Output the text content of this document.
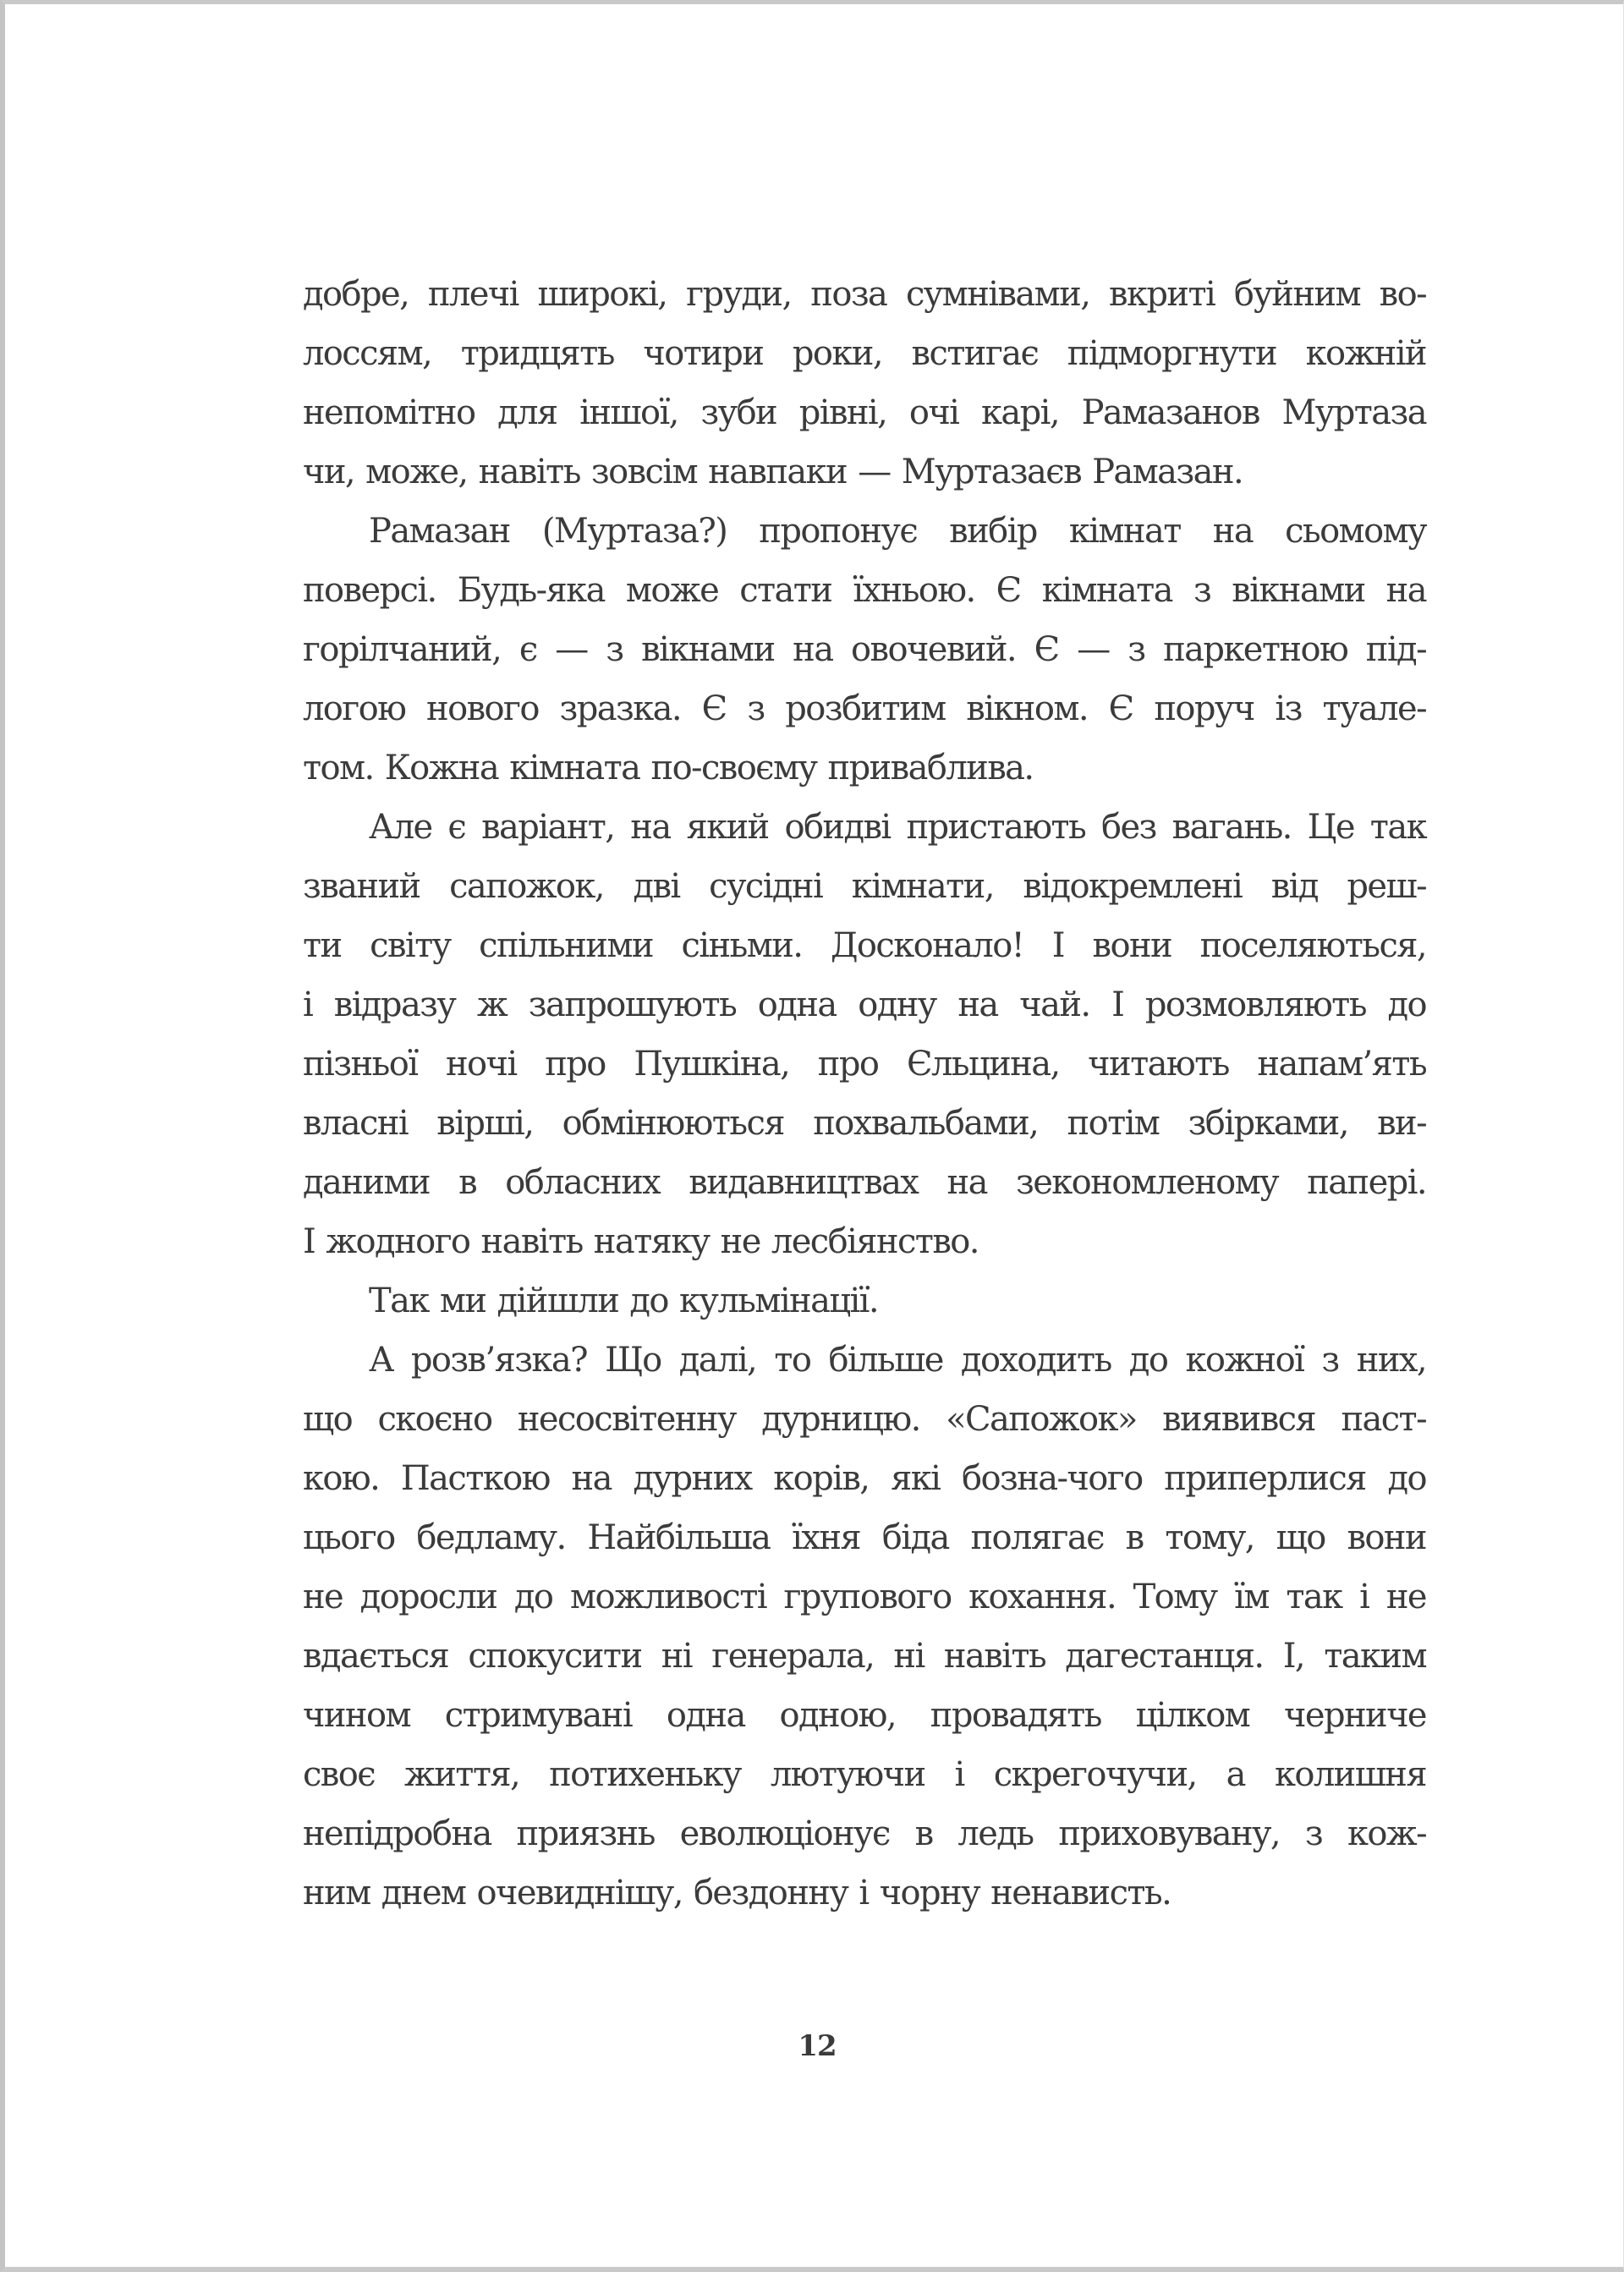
добре, плечі широкі, груди, поза сумнівами, вкриті буйним во-
лоссям, тридцять чотири роки, встигає підморгнути кожній
непомітно для іншої, зуби рівні, очі карі, Рамазанов Муртаза
чи, може, навіть зовсім навпаки — Муртазаєв Рамазан.

Рамазан (Муртаза?) пропонує вибір кімнат на сьомому
поверсі. Будь-яка може стати їхньою. Є кімната з вікнами на
горілчаний, є — з вікнами на овочевий. Є — з паркетною під-
логою нового зразка. Є з розбитим вікном. Є поруч із туале-
том. Кожна кімната по-своєму приваблива.

Але є варіант, на який обидві пристають без вагань. Це так
званий сапожок, дві сусідні кімнати, відокремлені від реш-
ти світу спільними сіньми. Досконало! І вони поселяються,
і відразу ж запрошують одна одну на чай. І розмовляють до
пізньої ночі про Пушкіна, про Єльцина, читають напам’ять
власні вірші, обмінюються похвальбами, потім збірками, ви-
даними в обласних видавництвах на зекономленому папері.
І жодного навіть натяку не лесбіянство.

Так ми дійшли до кульмінації.

А розв’язка? Що далі, то більше доходить до кожної з них,
що скоєно несосвітенну дурницю. «Сапожок» виявився паст-
кою. Пасткою на дурних корів, які бозна-чого приперлися до
цього бедламу. Найбільша їхня біда полягає в тому, що вони
не доросли до можливості групового кохання. Тому їм так і не
вдається спокусити ні генерала, ні навіть дагестанця. І, таким
чином стримувані одна одною, провадять цілком черниче
своє життя, потихеньку лютуючи і скрегочучи, а колишня
непідробна приязнь еволюціонує в ледь приховувану, з кож-
ним днем очевиднішу, бездонну і чорну ненависть.

12
